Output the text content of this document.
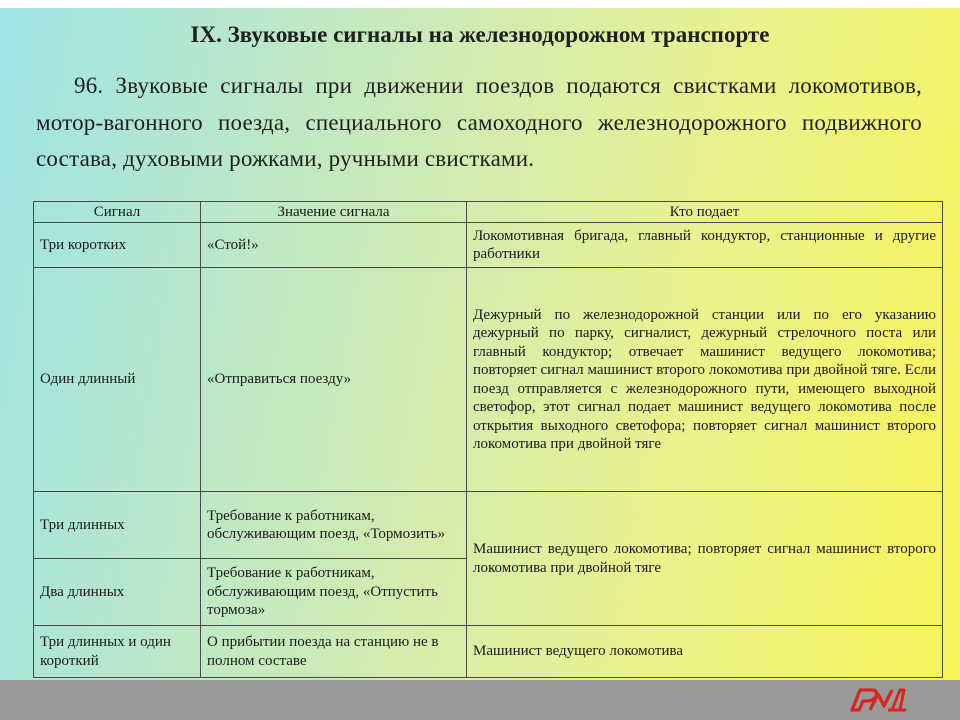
IX. Звуковые сигналы на железнодорожном транспорте
96. Звуковые сигналы при движении поездов подаются свистками локомотивов, мотор-вагонного поезда, специального самоходного железнодорожного подвижного состава, духовыми рожками, ручными свистками.
Сигнал	Значение сигнала	Кто подает
Три коротких	«Стой!»	Локомотивная бригада, главный кондуктор, станционные и другие работники
Один длинный	«Отправиться поезду»	Дежурный по железнодорожной станции или по его указанию дежурный по парку, сигналист, дежурный стрелочного поста или главный кондуктор; отвечает машинист ведущего локомотива; повторяет сигнал машинист второго локомотива при двойной тяге. Если поезд отправляется с железнодорожного пути, имеющего выходной светофор, этот сигнал подает машинист ведущего локомотива после открытия выходного светофора; повторяет сигнал машинист второго локомотива при двойной тяге
Три длинных	Требование к работникам, обслуживающим поезд, «Тормозить»	Машинист ведущего локомотива; повторяет сигнал машинист второго локомотива при двойной тяге
Два длинных	Требование к работникам, обслуживающим поезд, «Отпустить тормоза»	
Три длинных и один короткий	О прибытии поезда на станцию не в полном составе	Машинист ведущего локомотива
